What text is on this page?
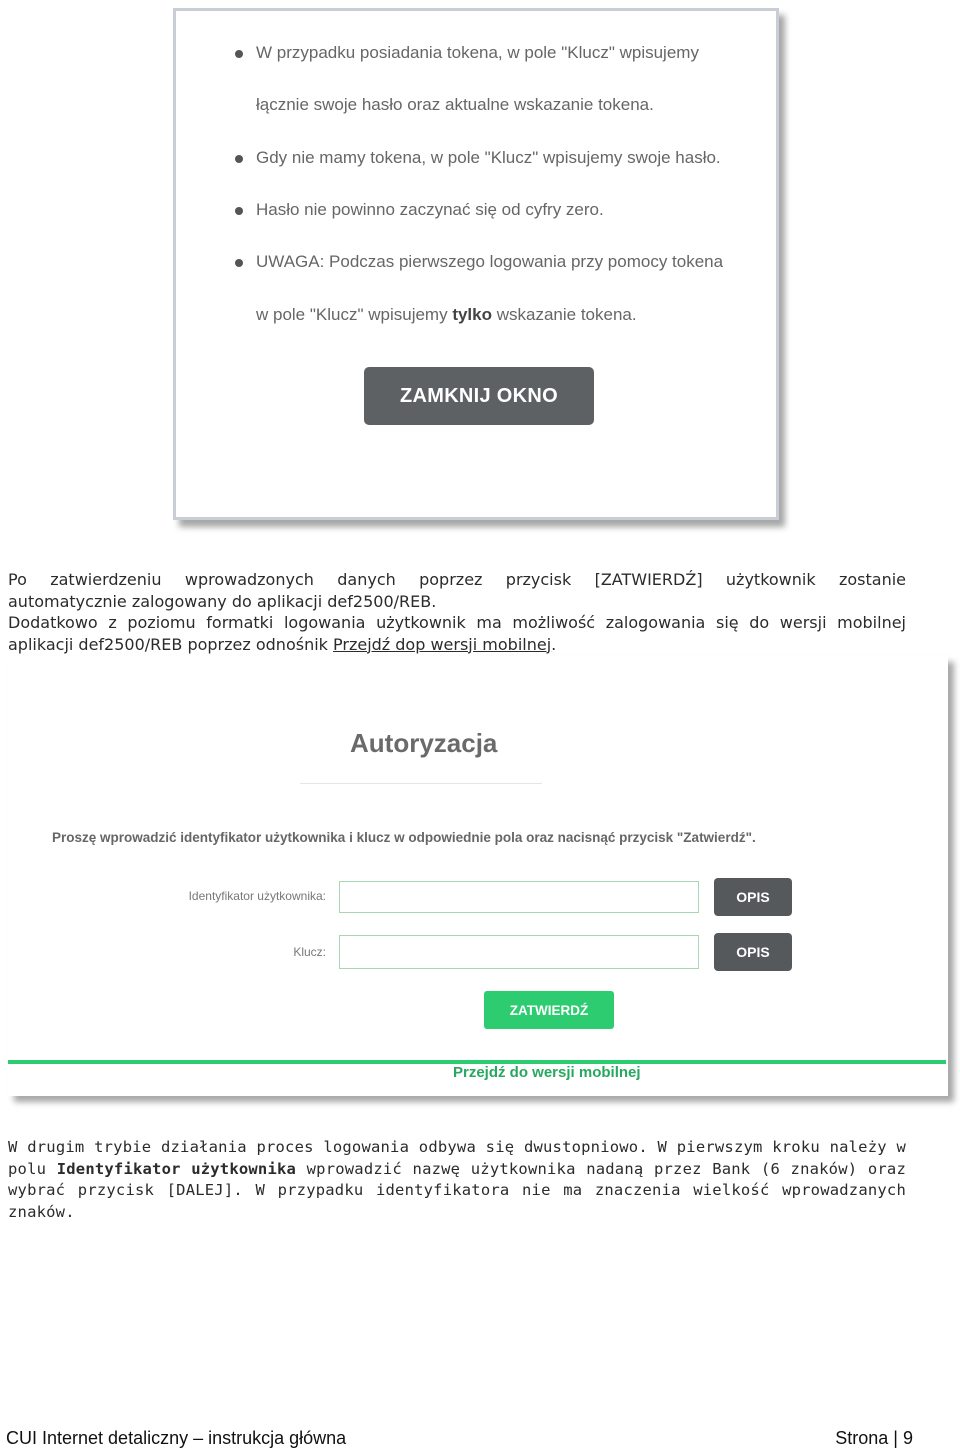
W przypadku posiadania tokena, w pole "Klucz" wpisujemy
łącznie swoje hasło oraz aktualne wskazanie tokena.
Gdy nie mamy tokena, w pole "Klucz" wpisujemy swoje hasło.
Hasło nie powinno zaczynać się od cyfry zero.
UWAGA: Podczas pierwszego logowania przy pomocy tokena
w pole "Klucz" wpisujemy tylko wskazanie tokena.
ZAMKNIJ OKNO
Po zatwierdzeniu wprowadzonych danych poprzez przycisk [ZATWIERDŹ] użytkownik zostanie
automatycznie zalogowany do aplikacji def2500/REB.
Dodatkowo z poziomu formatki logowania użytkownik ma możliwość zalogowania się do wersji mobilnej
aplikacji def2500/REB poprzez odnośnik Przejdź dop wersji mobilnej.
Autoryzacja
Proszę wprowadzić identyfikator użytkownika i klucz w odpowiednie pola oraz nacisnąć przycisk "Zatwierdź".
Identyfikator użytkownika:	OPIS
Klucz:	OPIS
ZATWIERDŹ
Przejdź do wersji mobilnej
W drugim trybie działania proces logowania odbywa się dwustopniowo. W pierwszym kroku należy w polu Identyfikator użytkownika wprowadzić nazwę użytkownika nadaną przez Bank (6 znaków) oraz wybrać przycisk [DALEJ]. W przypadku identyfikatora nie ma znaczenia wielkość wprowadzanych znaków.
CUI Internet detaliczny – instrukcja główna	Strona | 9
